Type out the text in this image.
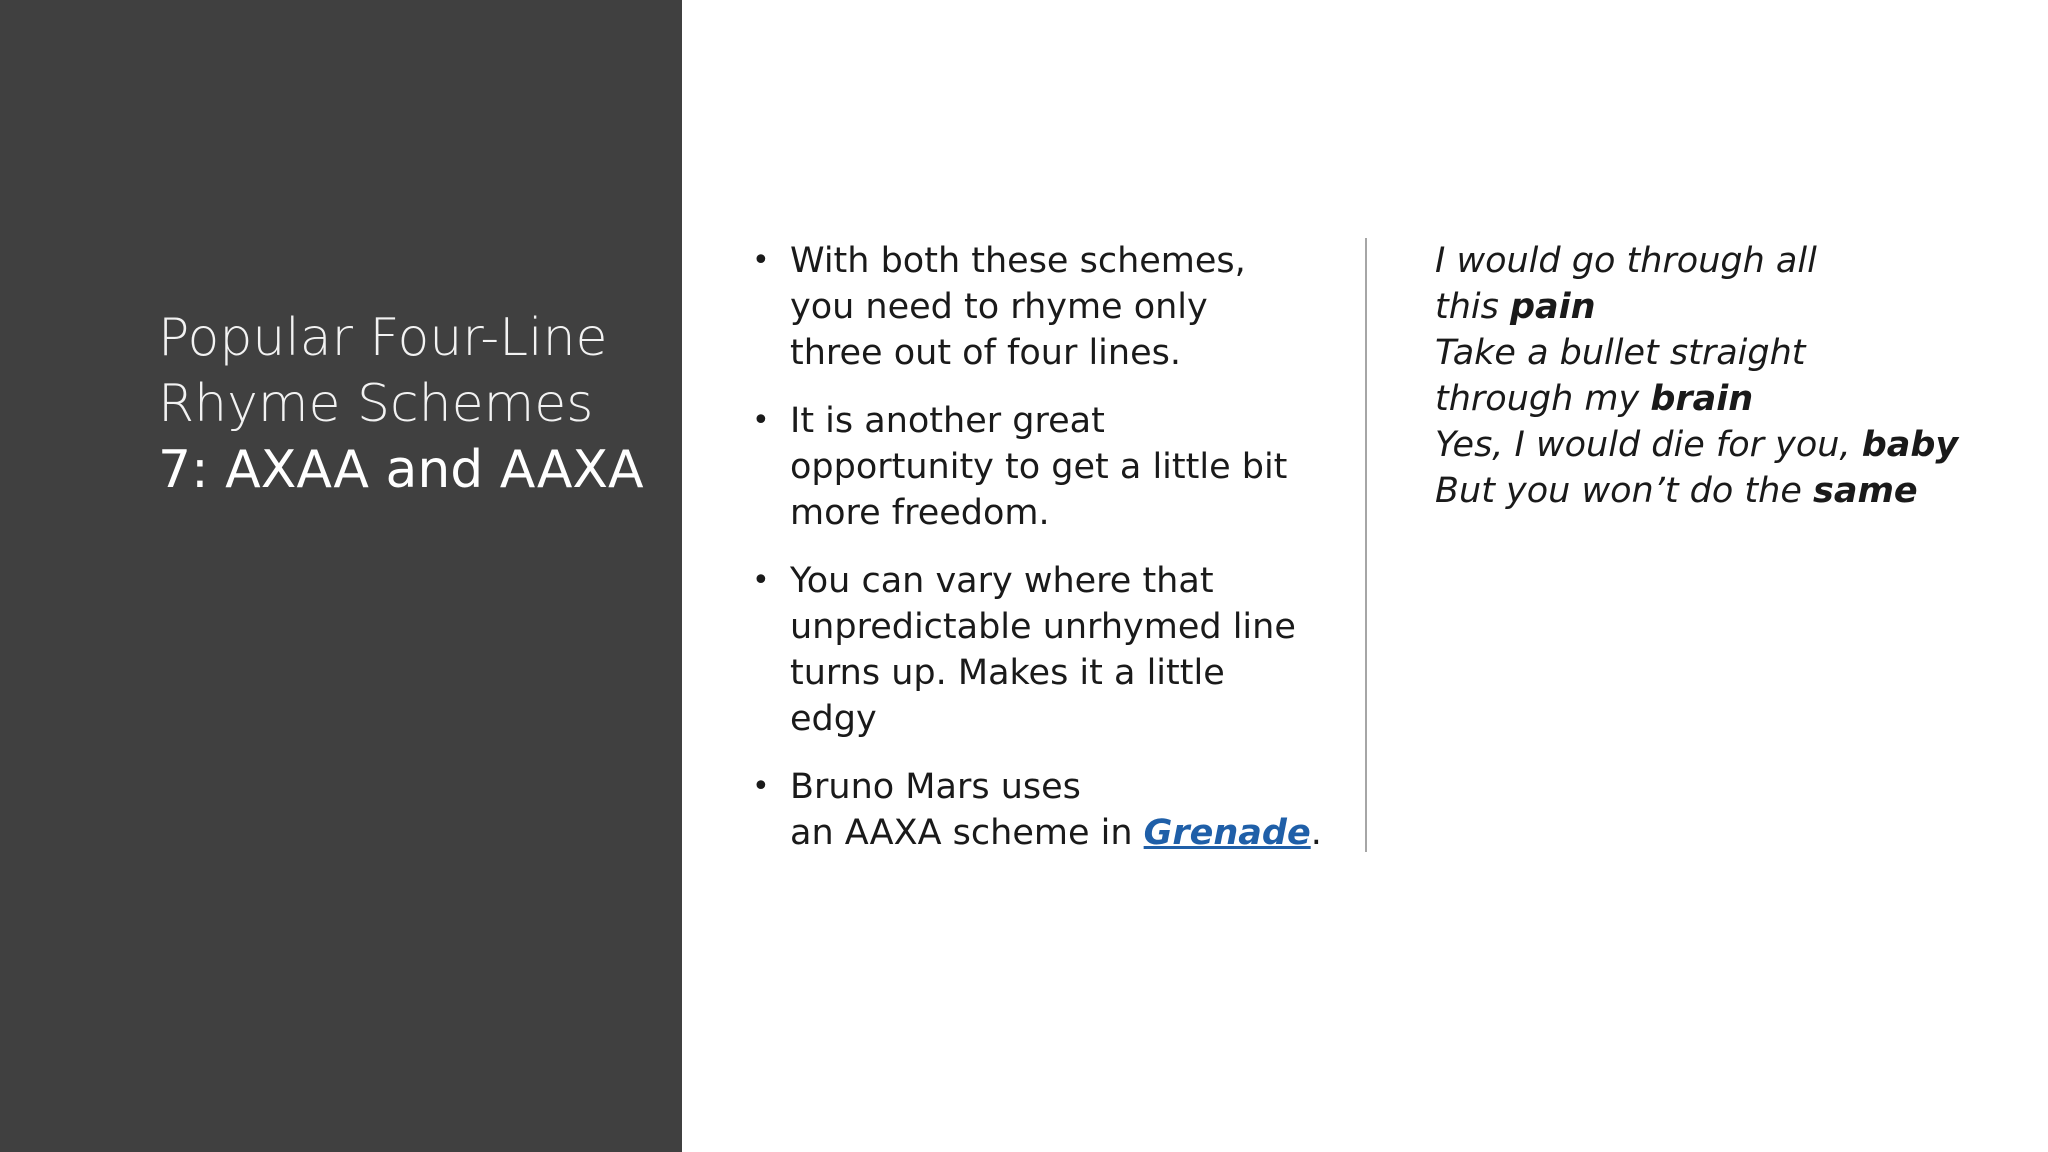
Popular Four-Line
Rhyme Schemes
7: AXAA and AAXA
• With both these schemes,
you need to rhyme only
three out of four lines.
• It is another great
opportunity to get a little bit
more freedom.
• You can vary where that
unpredictable unrhymed line
turns up. Makes it a little
edgy
• Bruno Mars uses
an AAXA scheme in Grenade.
I would go through all
this pain
Take a bullet straight
through my brain
Yes, I would die for you, baby
But you won’t do the same
